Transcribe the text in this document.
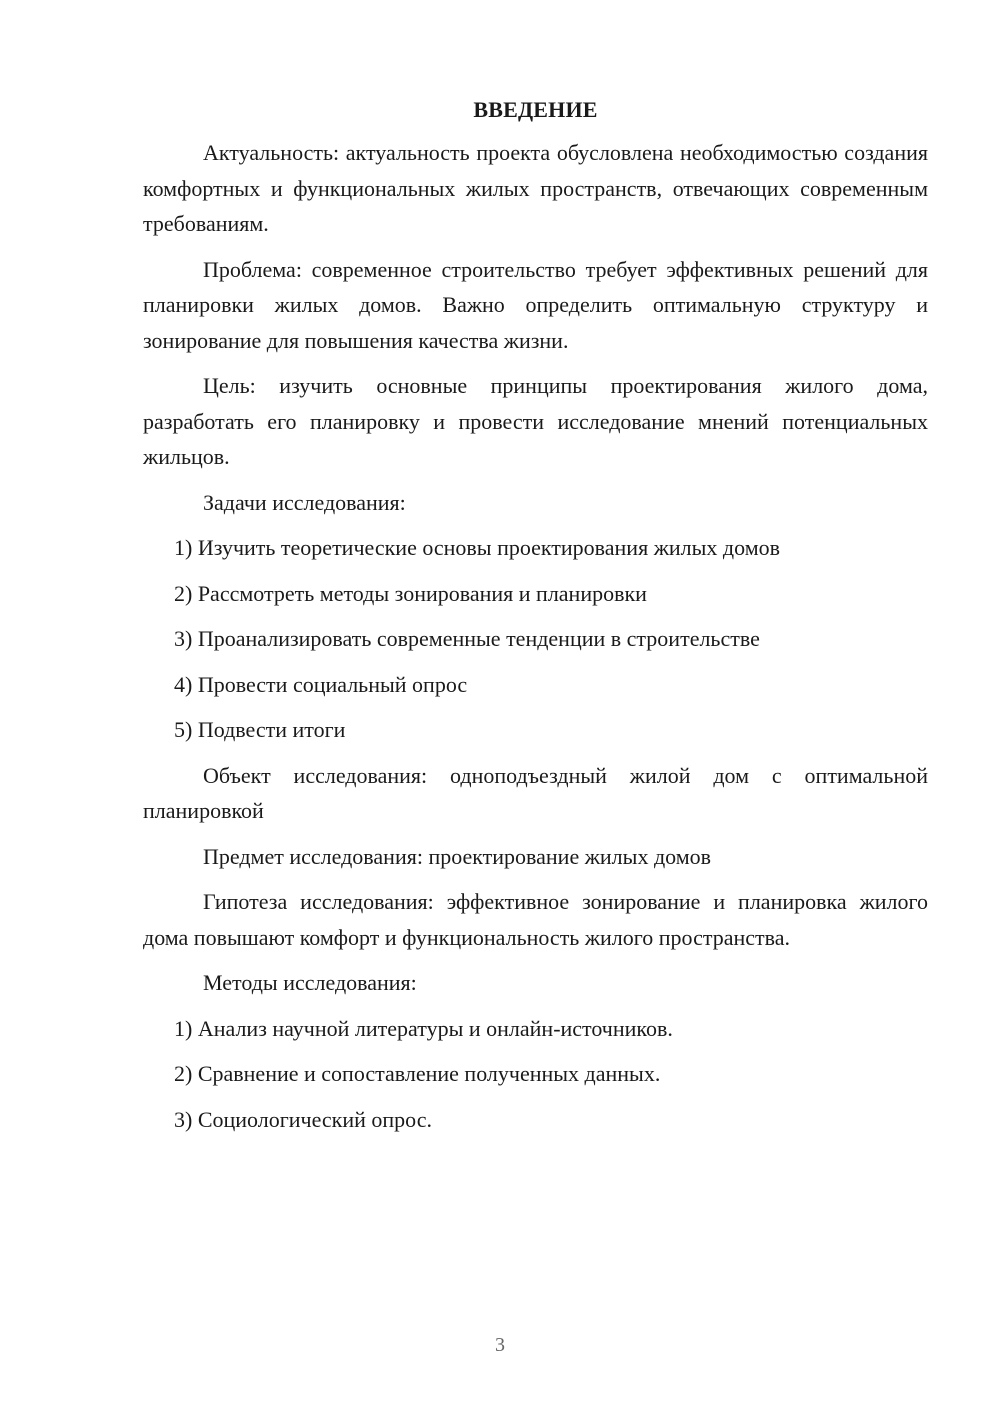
ВВЕДЕНИЕ

Актуальность: актуальность проекта обусловлена необходимостью создания комфортных и функциональных жилых пространств, отвечающих современным требованиям.

Проблема: современное строительство требует эффективных решений для планировки жилых домов. Важно определить оптимальную структуру и зонирование для повышения качества жизни.

Цель: изучить основные принципы проектирования жилого дома, разработать его планировку и провести исследование мнений потенциальных жильцов.

Задачи исследования:
1) Изучить теоретические основы проектирования жилых домов
2) Рассмотреть методы зонирования и планировки
3) Проанализировать современные тенденции в строительстве
4) Провести социальный опрос
5) Подвести итоги

Объект исследования: одноподъездный жилой дом с оптимальной планировкой

Предмет исследования: проектирование жилых домов

Гипотеза исследования: эффективное зонирование и планировка жилого дома повышают комфорт и функциональность жилого пространства.

Методы исследования:
1) Анализ научной литературы и онлайн-источников.
2) Сравнение и сопоставление полученных данных.
3) Социологический опрос.
3
